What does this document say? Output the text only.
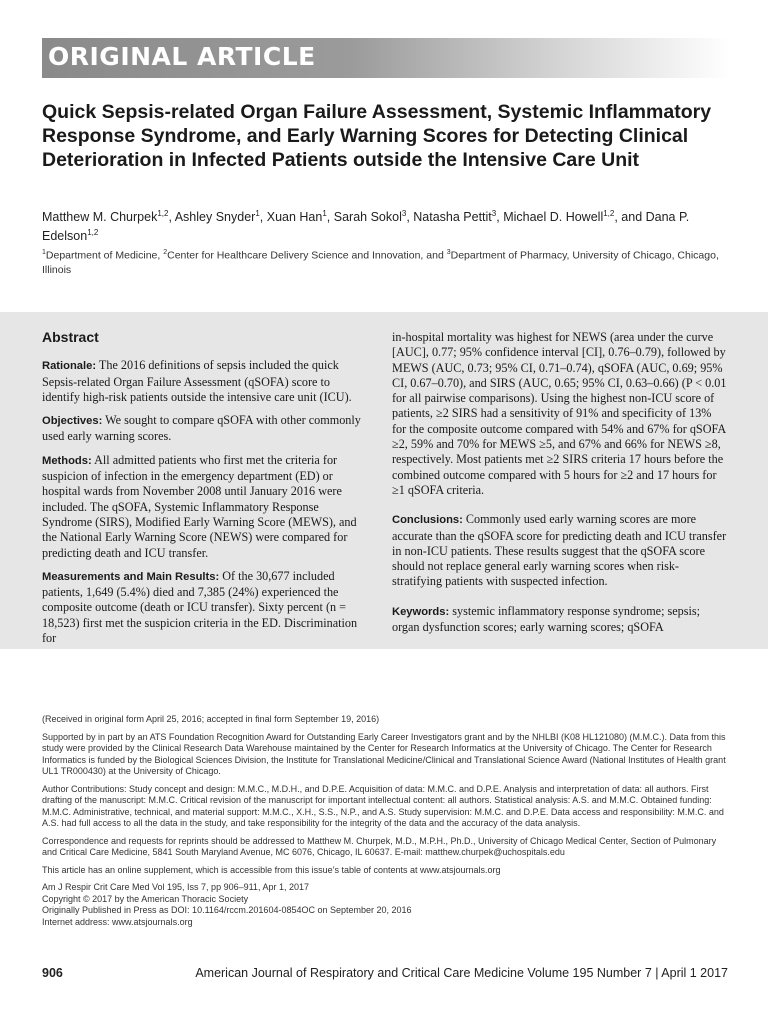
ORIGINAL ARTICLE
Quick Sepsis-related Organ Failure Assessment, Systemic Inflammatory Response Syndrome, and Early Warning Scores for Detecting Clinical Deterioration in Infected Patients outside the Intensive Care Unit
Matthew M. Churpek$^{1,2}$, Ashley Snyder$^1$, Xuan Han$^1$, Sarah Sokol$^3$, Natasha Pettit$^3$, Michael D. Howell$^{1,2}$, and Dana P. Edelson$^{1,2}$
$^1$Department of Medicine, $^2$Center for Healthcare Delivery Science and Innovation, and $^3$Department of Pharmacy, University of Chicago, Chicago, Illinois
Abstract

Rationale: The 2016 definitions of sepsis included the quick Sepsis-related Organ Failure Assessment (qSOFA) score to identify high-risk patients outside the intensive care unit (ICU).

Objectives: We sought to compare qSOFA with other commonly used early warning scores.

Methods: All admitted patients who first met the criteria for suspicion of infection in the emergency department (ED) or hospital wards from November 2008 until January 2016 were included. The qSOFA, Systemic Inflammatory Response Syndrome (SIRS), Modified Early Warning Score (MEWS), and the National Early Warning Score (NEWS) were compared for predicting death and ICU transfer.

Measurements and Main Results: Of the 30,677 included patients, 1,649 (5.4%) died and 7,385 (24%) experienced the composite outcome (death or ICU transfer). Sixty percent (n = 18,523) first met the suspicion criteria in the ED. Discrimination for

in-hospital mortality was highest for NEWS (area under the curve [AUC], 0.77; 95% confidence interval [CI], 0.76–0.79), followed by MEWS (AUC, 0.73; 95% CI, 0.71–0.74), qSOFA (AUC, 0.69; 95% CI, 0.67–0.70), and SIRS (AUC, 0.65; 95% CI, 0.63–0.66) (P < 0.01 for all pairwise comparisons). Using the highest non-ICU score of patients, ≥2 SIRS had a sensitivity of 91% and specificity of 13% for the composite outcome compared with 54% and 67% for qSOFA ≥2, 59% and 70% for MEWS ≥5, and 67% and 66% for NEWS ≥8, respectively. Most patients met ≥2 SIRS criteria 17 hours before the combined outcome compared with 5 hours for ≥2 and 17 hours for ≥1 qSOFA criteria.

Conclusions: Commonly used early warning scores are more accurate than the qSOFA score for predicting death and ICU transfer in non-ICU patients. These results suggest that the qSOFA score should not replace general early warning scores when risk-stratifying patients with suspected infection.

Keywords: systemic inflammatory response syndrome; sepsis; organ dysfunction scores; early warning scores; qSOFA

(Received in original form April 25, 2016; accepted in final form September 19, 2016)

Supported by in part by an ATS Foundation Recognition Award for Outstanding Early Career Investigators grant and by the NHLBI (K08 HL121080) (M.M.C.). Data from this study were provided by the Clinical Research Data Warehouse maintained by the Center for Research Informatics at the University of Chicago. The Center for Research Informatics is funded by the Biological Sciences Division, the Institute for Translational Medicine/Clinical and Translational Science Award (National Institutes of Health grant UL1 TR000430) at the University of Chicago.

Author Contributions: Study concept and design: M.M.C., M.D.H., and D.P.E. Acquisition of data: M.M.C. and D.P.E. Analysis and interpretation of data: all authors. First drafting of the manuscript: M.M.C. Critical revision of the manuscript for important intellectual content: all authors. Statistical analysis: A.S. and M.M.C. Obtained funding: M.M.C. Administrative, technical, and material support: M.M.C., X.H., S.S., N.P., and A.S. Study supervision: M.M.C. and D.P.E. Data access and responsibility: M.M.C. and A.S. had full access to all the data in the study, and take responsibility for the integrity of the data and the accuracy of the data analysis.

Correspondence and requests for reprints should be addressed to Matthew M. Churpek, M.D., M.P.H., Ph.D., University of Chicago Medical Center, Section of Pulmonary and Critical Care Medicine, 5841 South Maryland Avenue, MC 6076, Chicago, IL 60637. E-mail: matthew.churpek@uchospitals.edu

This article has an online supplement, which is accessible from this issue’s table of contents at www.atsjournals.org

Am J Respir Crit Care Med Vol 195, Iss 7, pp 906–911, Apr 1, 2017

Copyright © 2017 by the American Thoracic Society

Originally Published in Press as DOI: 10.1164/rccm.201604-0854OC on September 20, 2016

Internet address: www.atsjournals.org

906	American Journal of Respiratory and Critical Care Medicine Volume 195 Number 7 | April 1 2017
